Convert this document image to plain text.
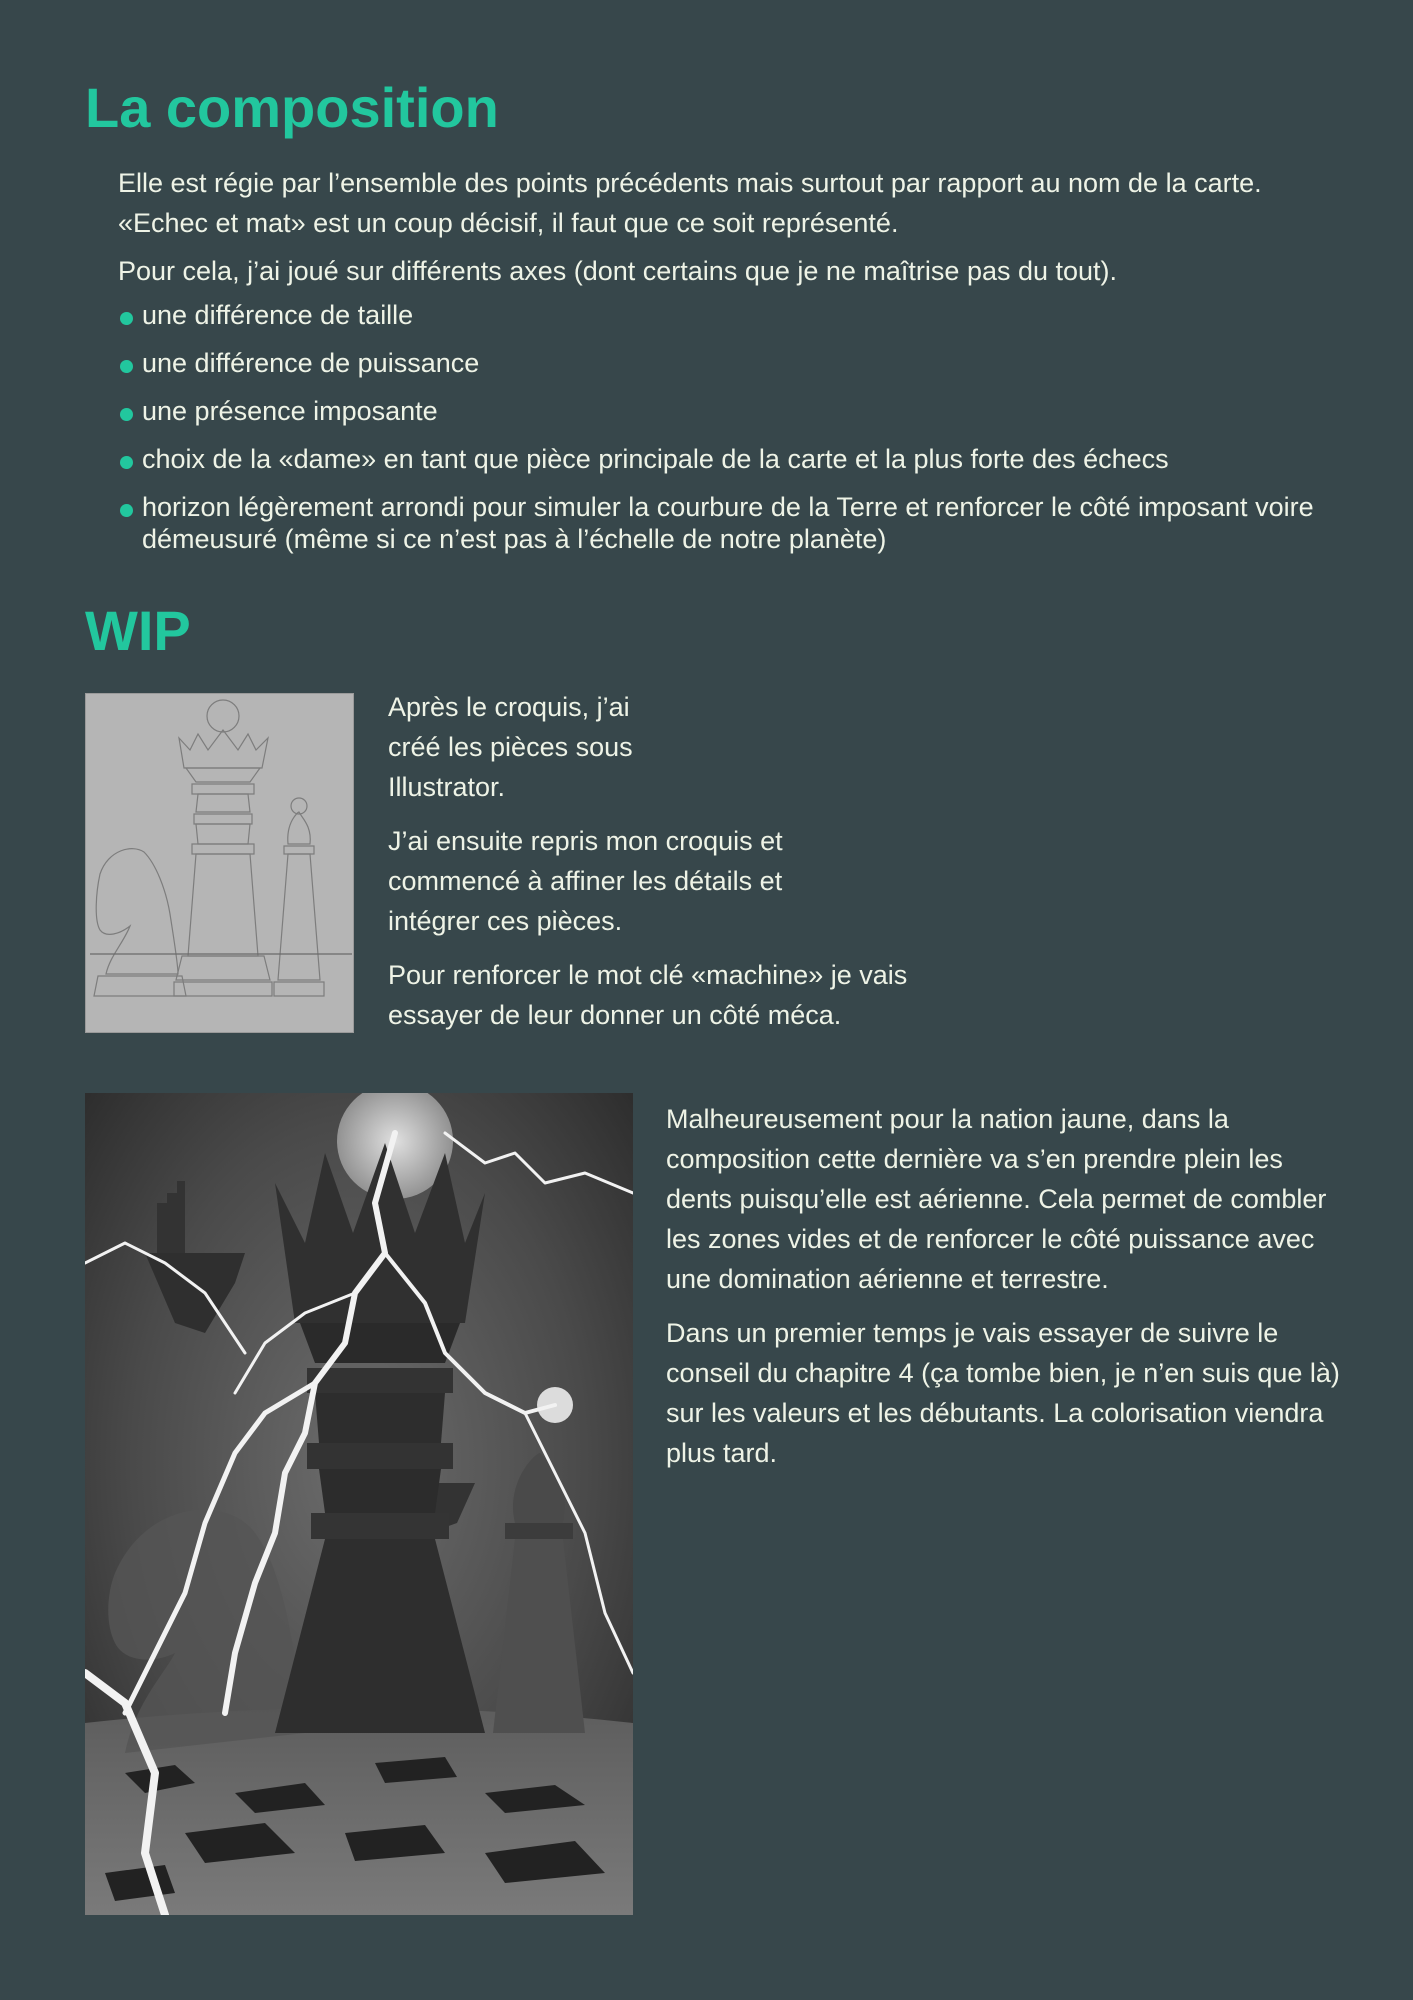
La composition

Elle est régie par l’ensemble des points précédents mais surtout par rapport au nom de la carte. «Echec et mat» est un coup décisif, il faut que ce soit représenté.

Pour cela, j’ai joué sur différents axes (dont certains que je ne maîtrise pas du tout).

une différence de taille
une différence de puissance
une présence imposante
choix de la «dame» en tant que pièce principale de la carte et la plus forte des échecs
horizon légèrement arrondi pour simuler la courbure de la Terre et renforcer le côté imposant voire démeusuré (même si ce n’est pas à l’échelle de notre planète)
WIP

Après le croquis, j’ai créé les pièces sous Illustrator.

J’ai ensuite repris mon croquis et commencé à affiner les détails et intégrer ces pièces.

Pour renforcer le mot clé «machine» je vais essayer de leur donner un côté méca.

Malheureusement pour la nation jaune, dans la composition cette dernière va s’en prendre plein les dents puisqu’elle est aérienne. Cela permet de combler les zones vides et de renforcer le côté puissance avec une domination aérienne et terrestre.

Dans un premier temps je vais essayer de suivre le conseil du chapitre 4 (ça tombe bien, je n’en suis que là) sur les valeurs et les débutants. La colorisation viendra plus tard.
